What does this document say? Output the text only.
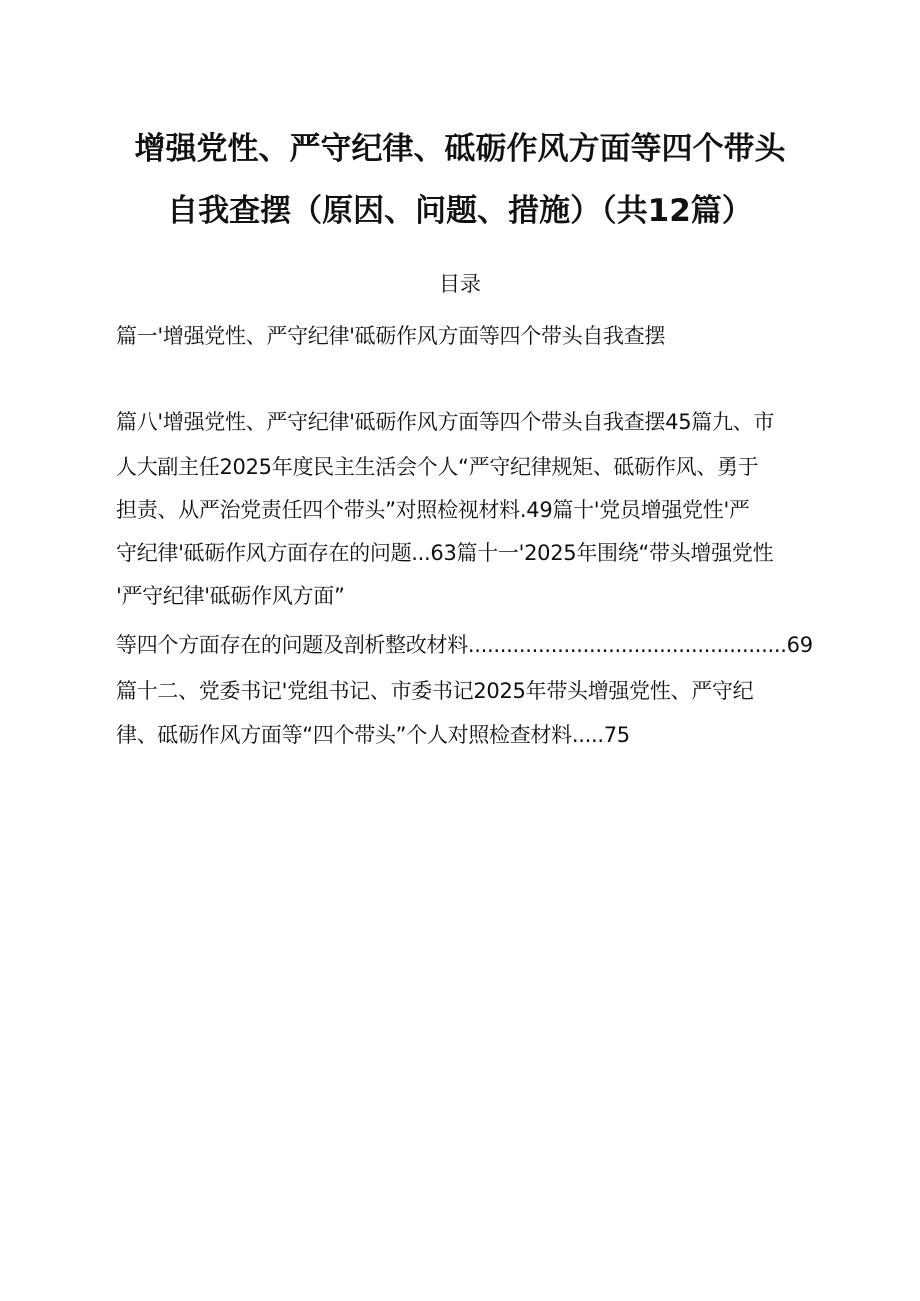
增强党性、严守纪律、砥砺作风方面等四个带头
自我查摆（原因、问题、措施）（共12篇）
目录
篇一'增强党性、严守纪律'砥砺作风方面等四个带头自我查摆
篇八'增强党性、严守纪律'砥砺作风方面等四个带头自我查摆45篇九、市
人大副主任2025年度民主生活会个人“严守纪律规矩、砥砺作风、勇于
担责、从严治党责任四个带头”对照检视材料.49篇十'党员增强党性'严
守纪律'砥砺作风方面存在的问题...63篇十一'2025年围绕“带头增强党性
'严守纪律'砥砺作风方面”
等四个方面存在的问题及剖析整改材料..................................................69
篇十二、党委书记'党组书记、市委书记2025年带头增强党性、严守纪
律、砥砺作风方面等“四个带头”个人对照检查材料.....75
